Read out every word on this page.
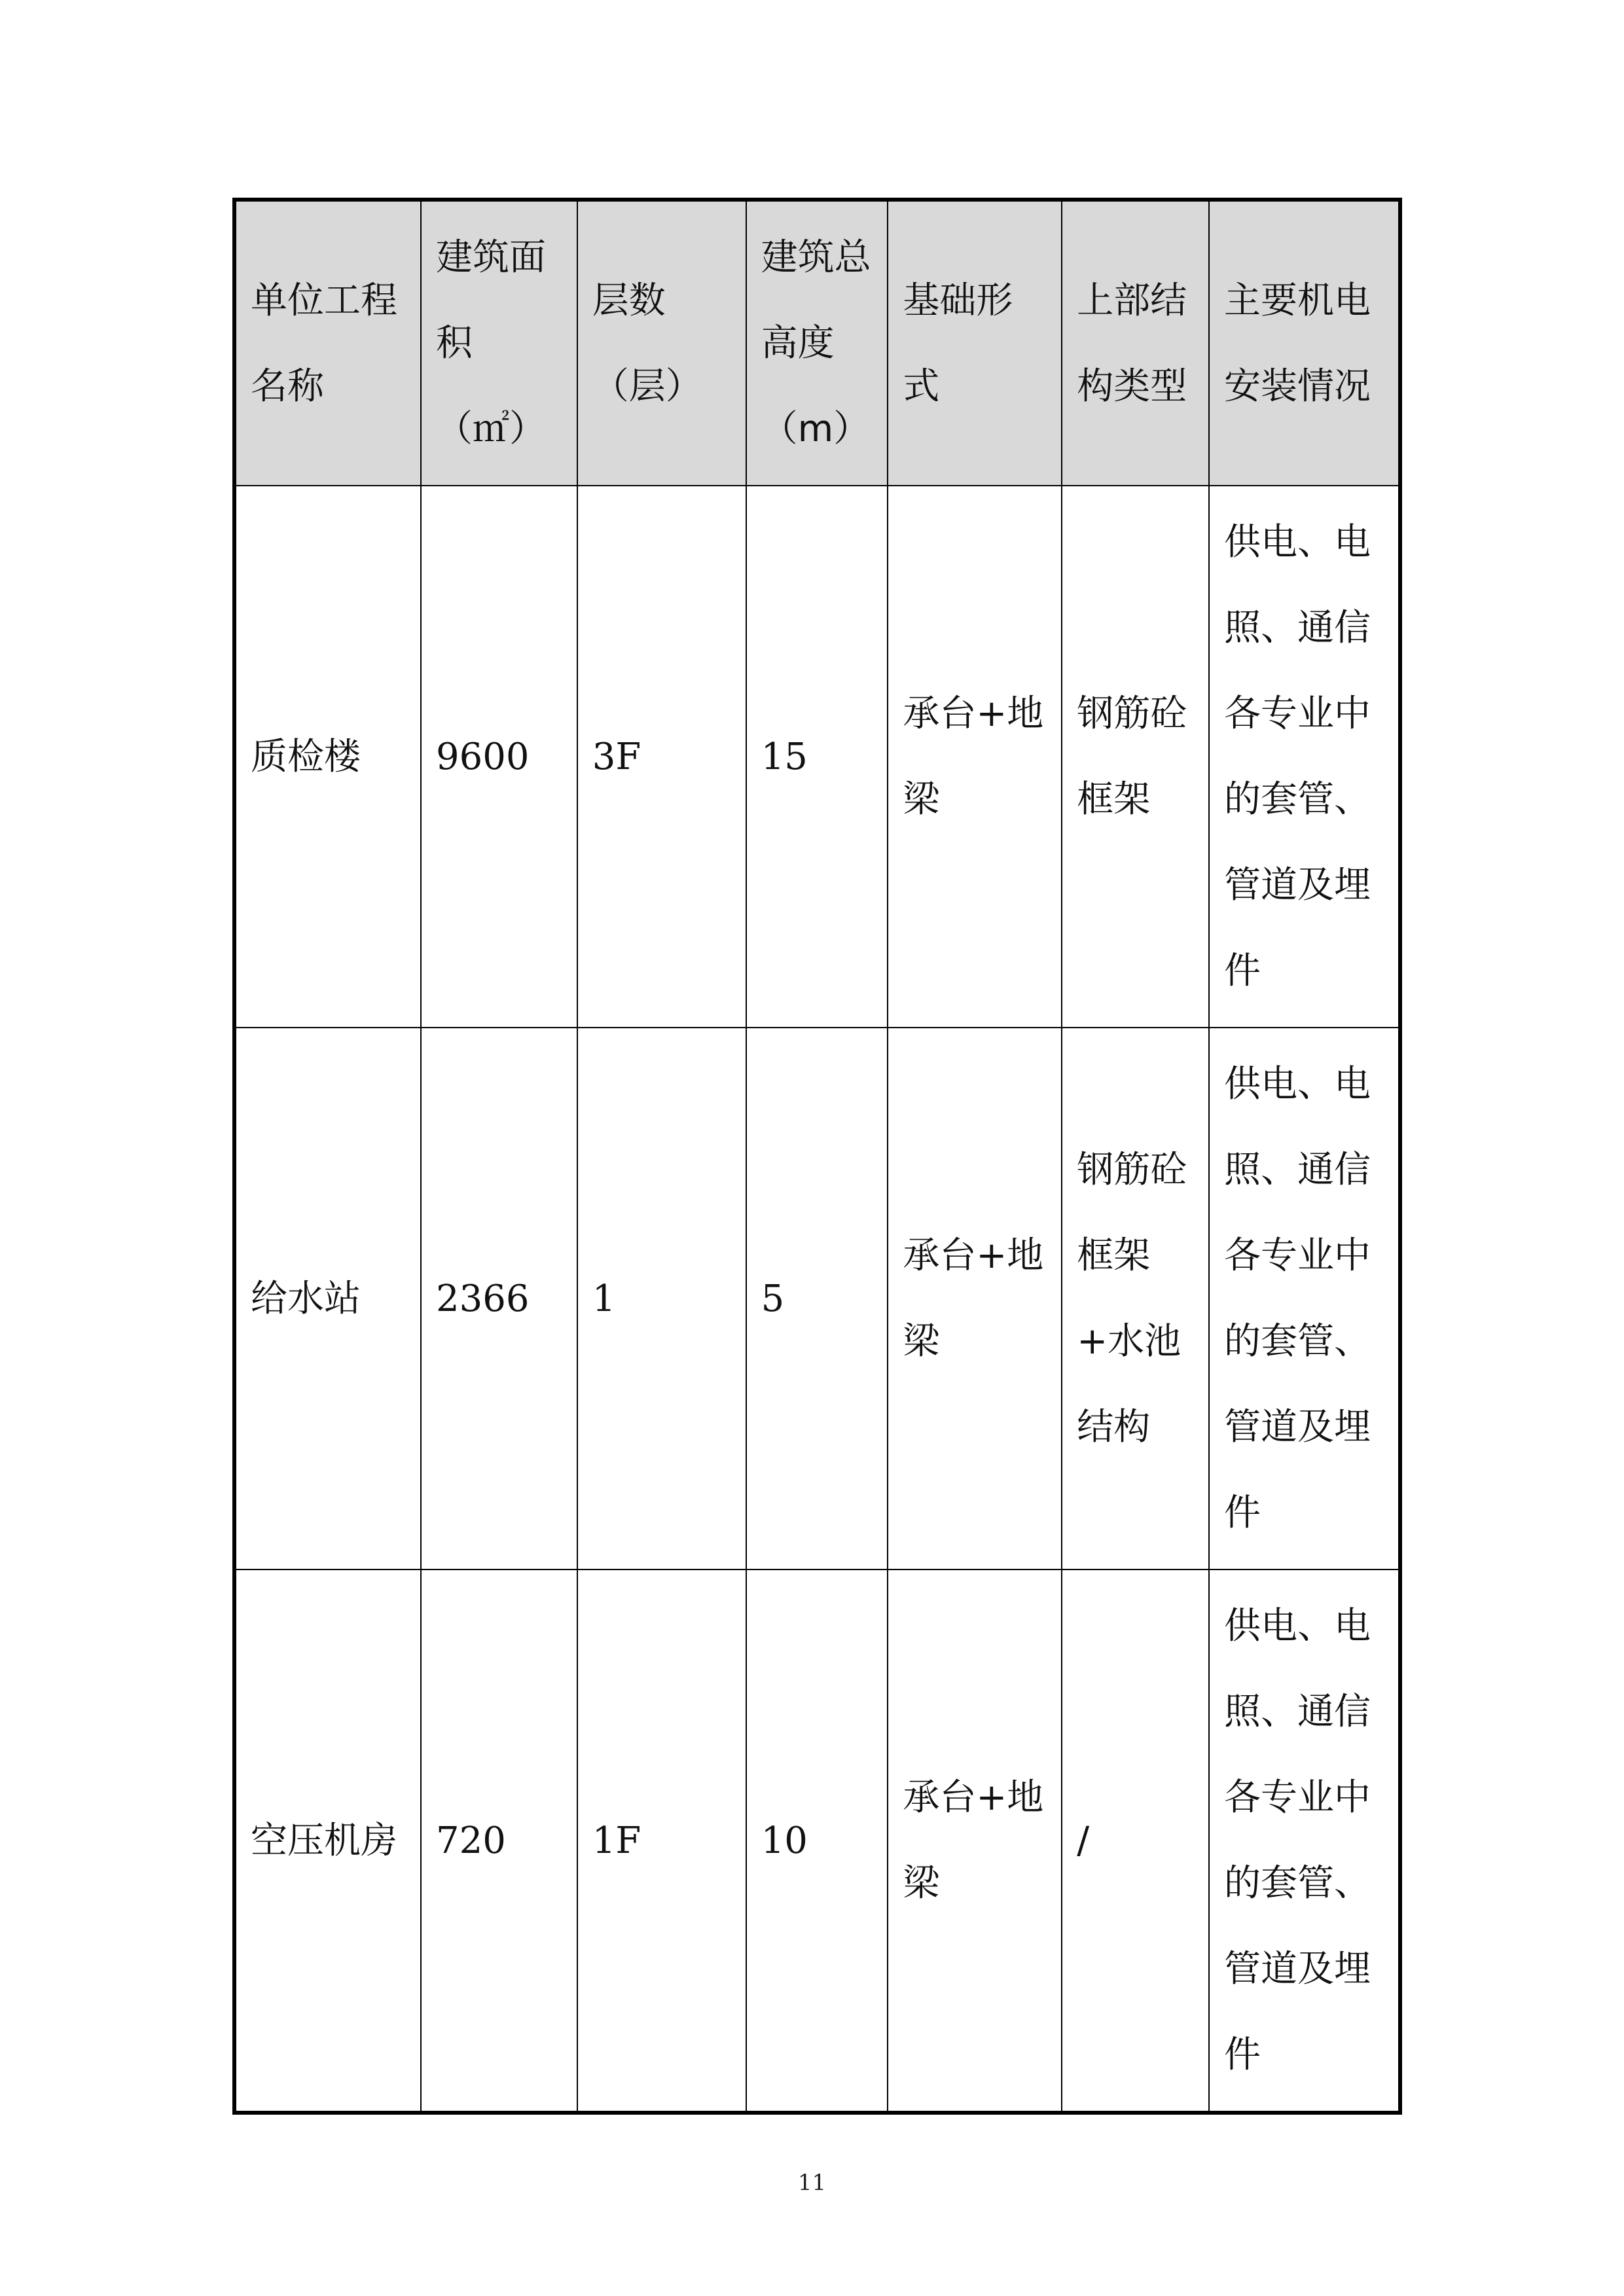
单位工程名称	建筑面积（㎡）	层数（层）	建筑总高度（m）	基础形式	上部结构类型	主要机电安装情况
质检楼	9600	3F	15	承台+地梁	钢筋砼框架	供电、电照、通信各专业中的套管、管道及埋件
给水站	2366	1	5	承台+地梁	钢筋砼框架+水池结构	供电、电照、通信各专业中的套管、管道及埋件
空压机房	720	1F	10	承台+地梁	/	供电、电照、通信各专业中的套管、管道及埋件
11
